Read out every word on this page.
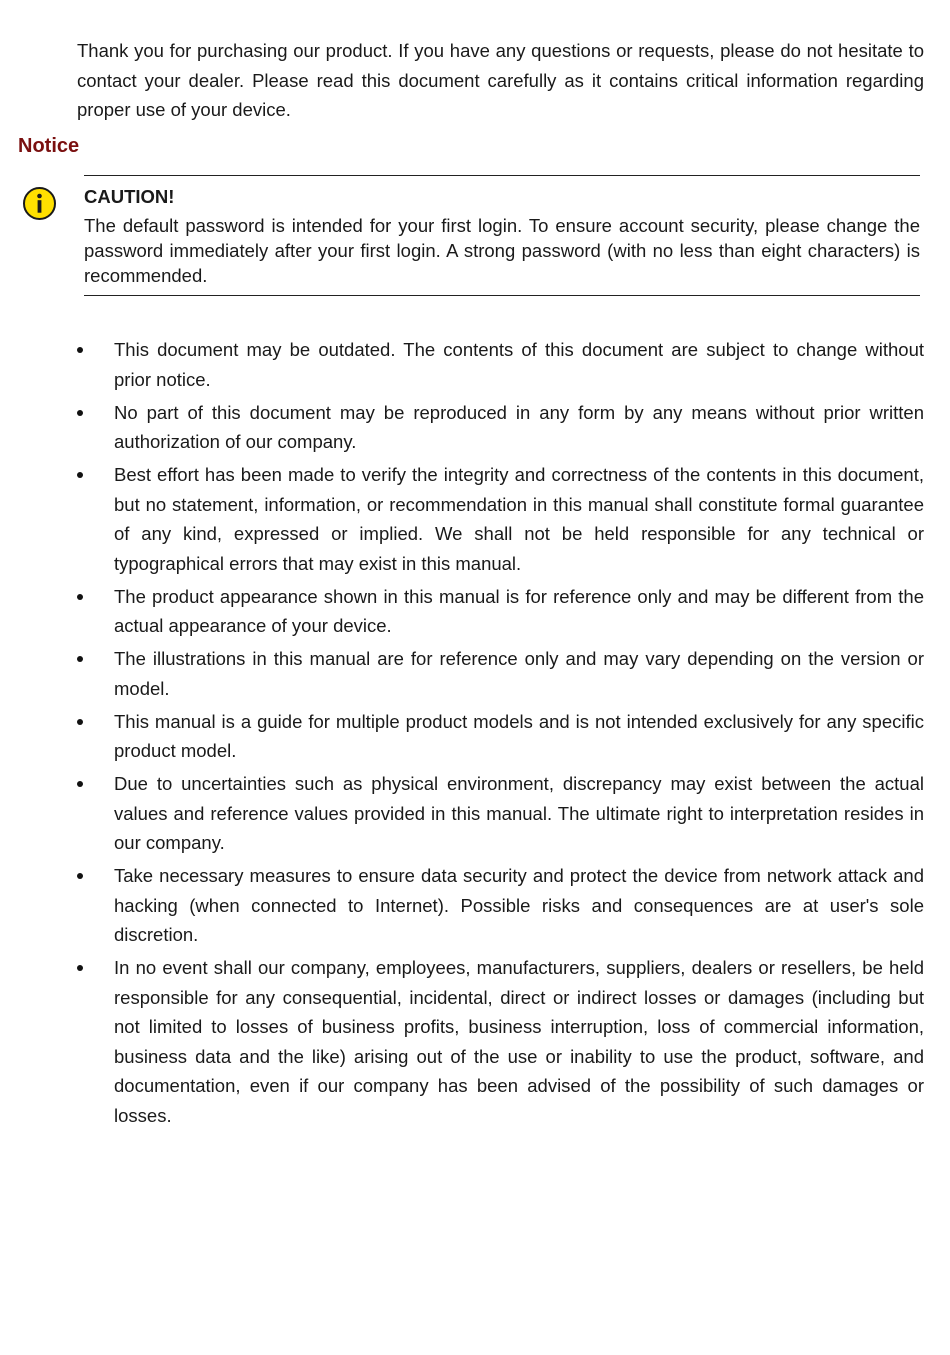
Thank you for purchasing our product. If you have any questions or requests, please do not hesitate to contact your dealer. Please read this document carefully as it contains critical information regarding proper use of your device.

Notice

CAUTION!

The default password is intended for your first login. To ensure account security, please change the password immediately after your first login. A strong password (with no less than eight characters) is recommended.

This document may be outdated. The contents of this document are subject to change without prior notice.
No part of this document may be reproduced in any form by any means without prior written authorization of our company.
Best effort has been made to verify the integrity and correctness of the contents in this document, but no statement, information, or recommendation in this manual shall constitute formal guarantee of any kind, expressed or implied. We shall not be held responsible for any technical or typographical errors that may exist in this manual.
The product appearance shown in this manual is for reference only and may be different from the actual appearance of your device.
The illustrations in this manual are for reference only and may vary depending on the version or model.
This manual is a guide for multiple product models and is not intended exclusively for any specific product model.
Due to uncertainties such as physical environment, discrepancy may exist between the actual values and reference values provided in this manual. The ultimate right to interpretation resides in our company.
Take necessary measures to ensure data security and protect the device from network attack and hacking (when connected to Internet). Possible risks and consequences are at user's sole discretion.
In no event shall our company, employees, manufacturers, suppliers, dealers or resellers, be held responsible for any consequential, incidental, direct or indirect losses or damages (including but not limited to losses of business profits, business interruption, loss of commercial information, business data and the like) arising out of the use or inability to use the product, software, and documentation, even if our company has been advised of the possibility of such damages or losses.
